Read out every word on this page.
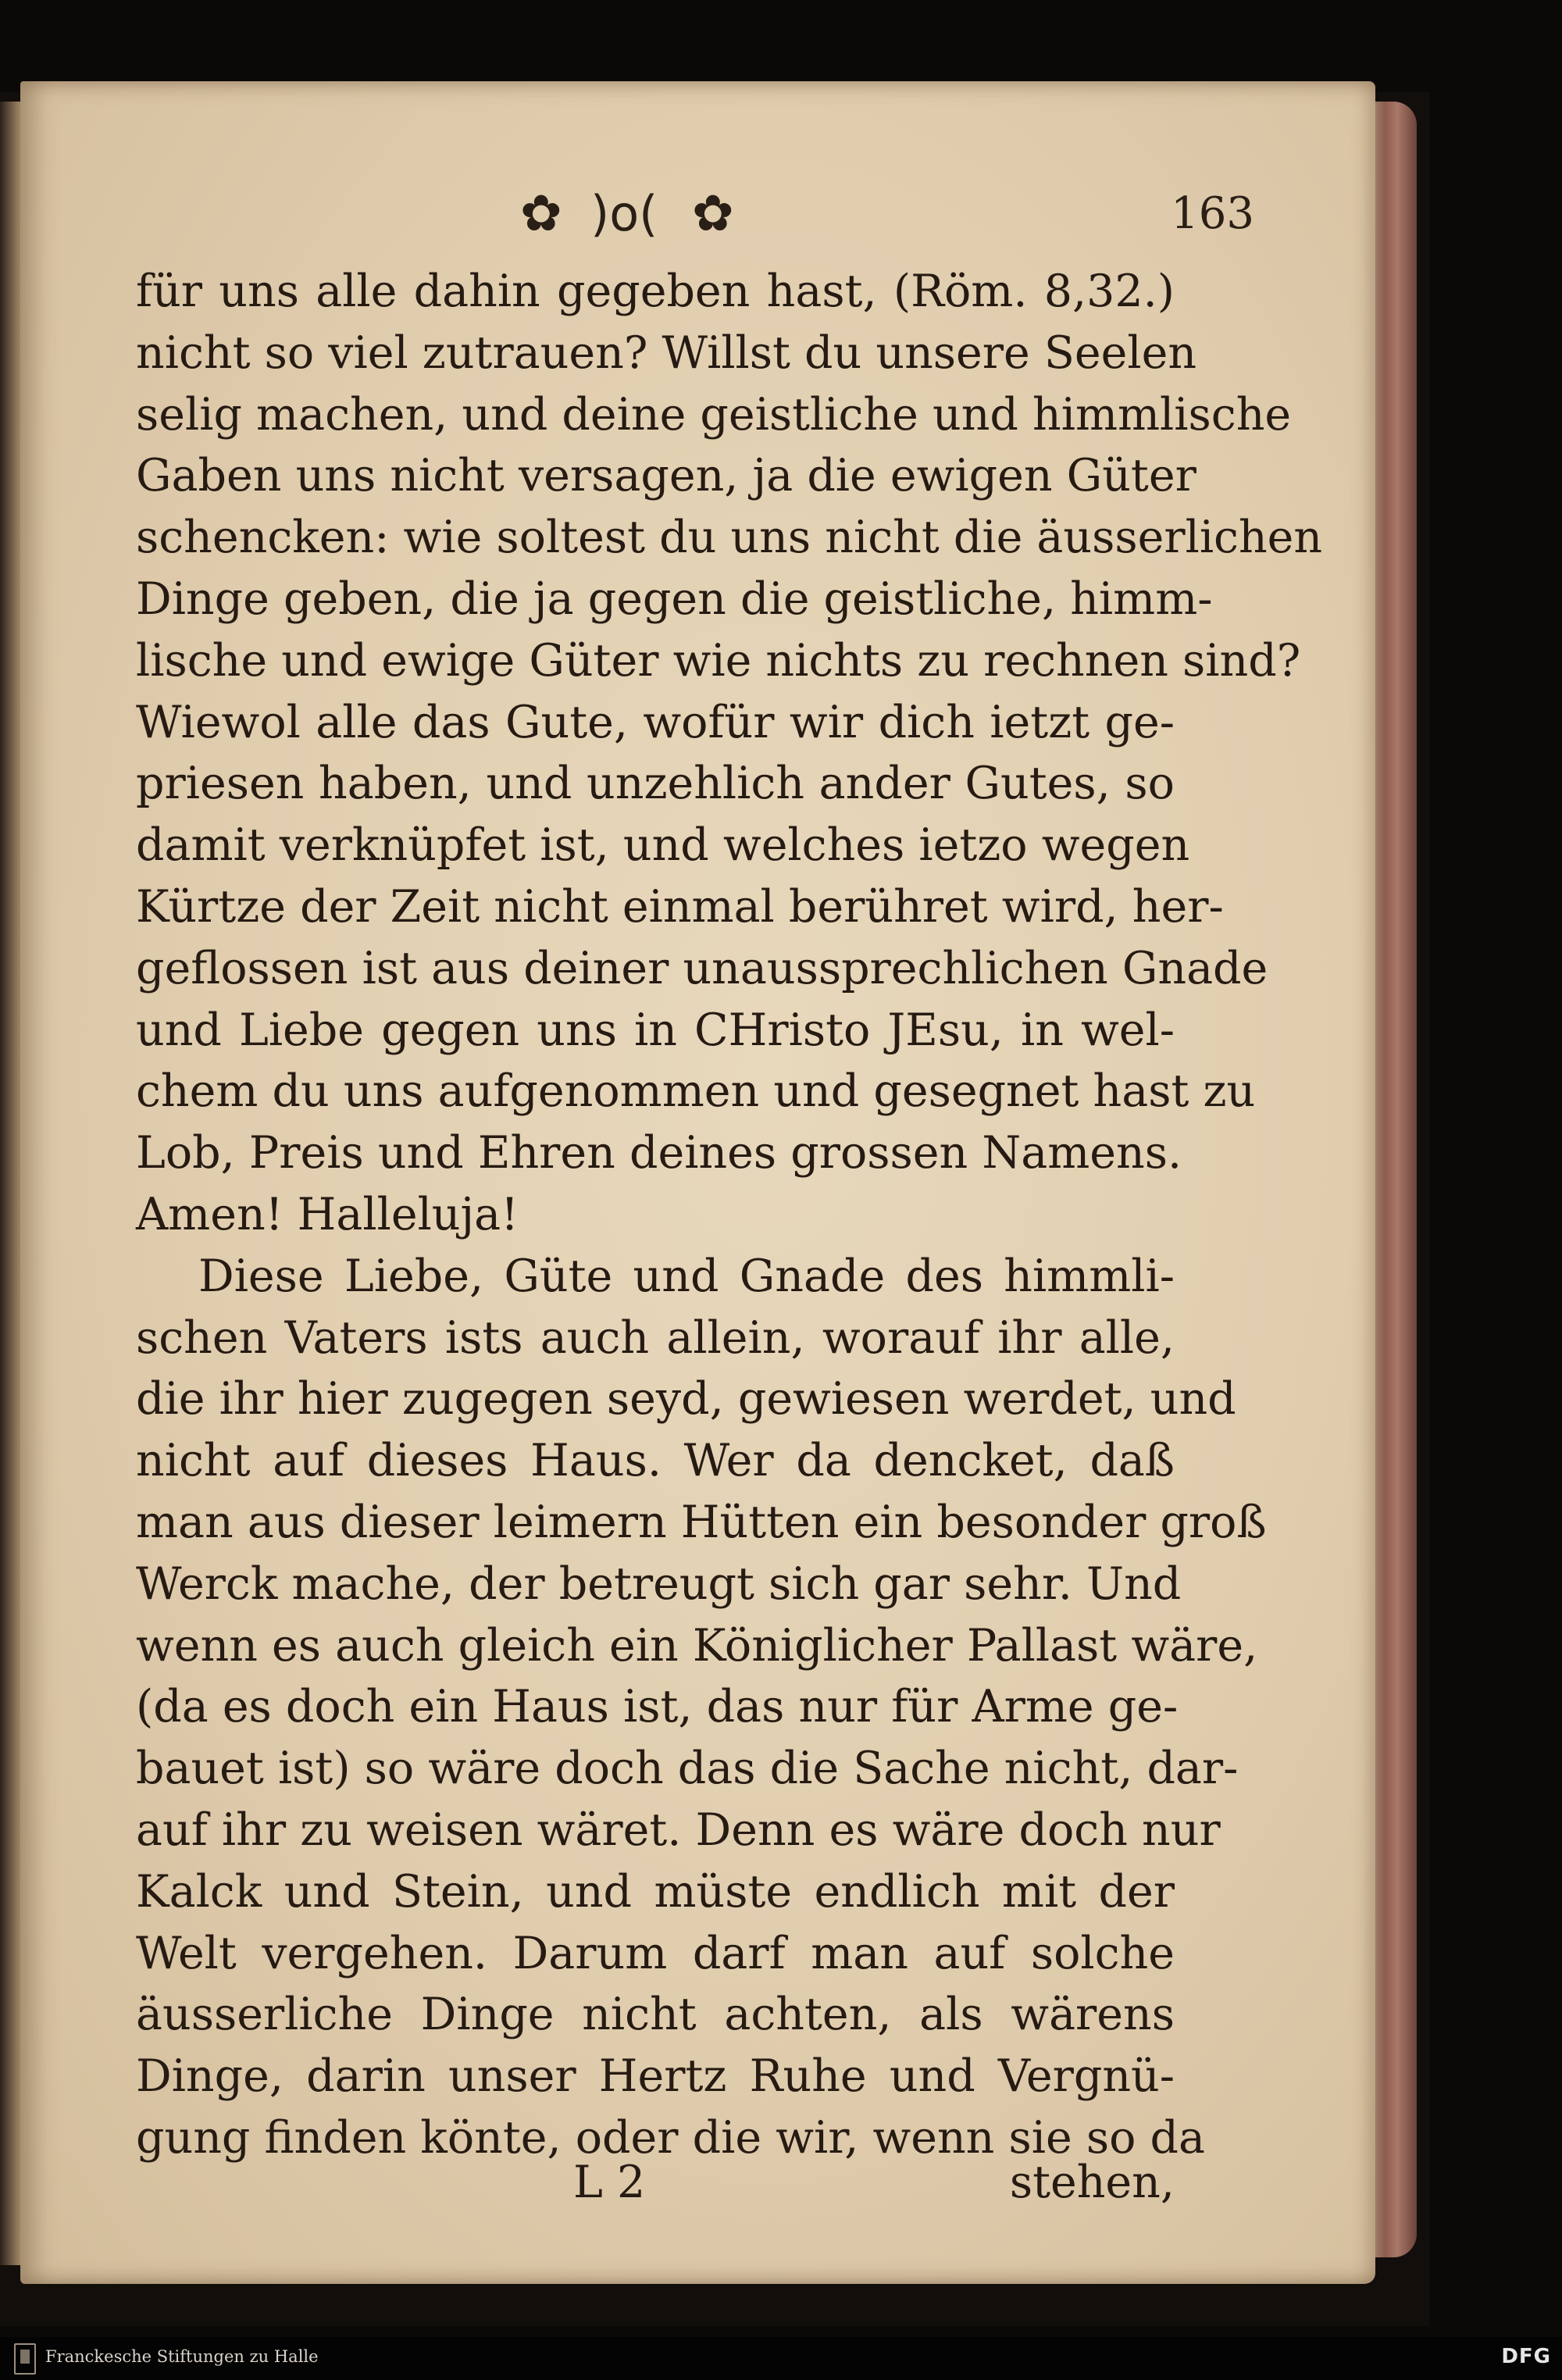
✿ )o( ✿	163
für uns alle dahin gegeben hast, (Röm. 8,32.)
nicht so viel zutrauen? Willst du unsere Seelen
selig machen, und deine geistliche und himmlische
Gaben uns nicht versagen, ja die ewigen Güter
schencken: wie soltest du uns nicht die äusserlichen
Dinge geben, die ja gegen die geistliche, himm-
lische und ewige Güter wie nichts zu rechnen sind?
Wiewol alle das Gute, wofür wir dich ietzt ge-
priesen haben, und unzehlich ander Gutes, so
damit verknüpfet ist, und welches ietzo wegen
Kürtze der Zeit nicht einmal berühret wird, her-
geflossen ist aus deiner unaussprechlichen Gnade
und Liebe gegen uns in CHristo JEsu, in wel-
chem du uns aufgenommen und gesegnet hast zu
Lob, Preis und Ehren deines grossen Namens.
Amen! Halleluja!
Diese Liebe, Güte und Gnade des himmli-
schen Vaters ists auch allein, worauf ihr alle,
die ihr hier zugegen seyd, gewiesen werdet, und
nicht auf dieses Haus. Wer da dencket, daß
man aus dieser leimern Hütten ein besonder groß
Werck mache, der betreugt sich gar sehr. Und
wenn es auch gleich ein Königlicher Pallast wäre,
(da es doch ein Haus ist, das nur für Arme ge-
bauet ist) so wäre doch das die Sache nicht, dar-
auf ihr zu weisen wäret. Denn es wäre doch nur
Kalck und Stein, und müste endlich mit der
Welt vergehen. Darum darf man auf solche
äusserliche Dinge nicht achten, als wärens
Dinge, darin unser Hertz Ruhe und Vergnü-
gung finden könte, oder die wir, wenn sie so da
L 2	stehen,
Franckesche Stiftungen zu Halle	DFG
